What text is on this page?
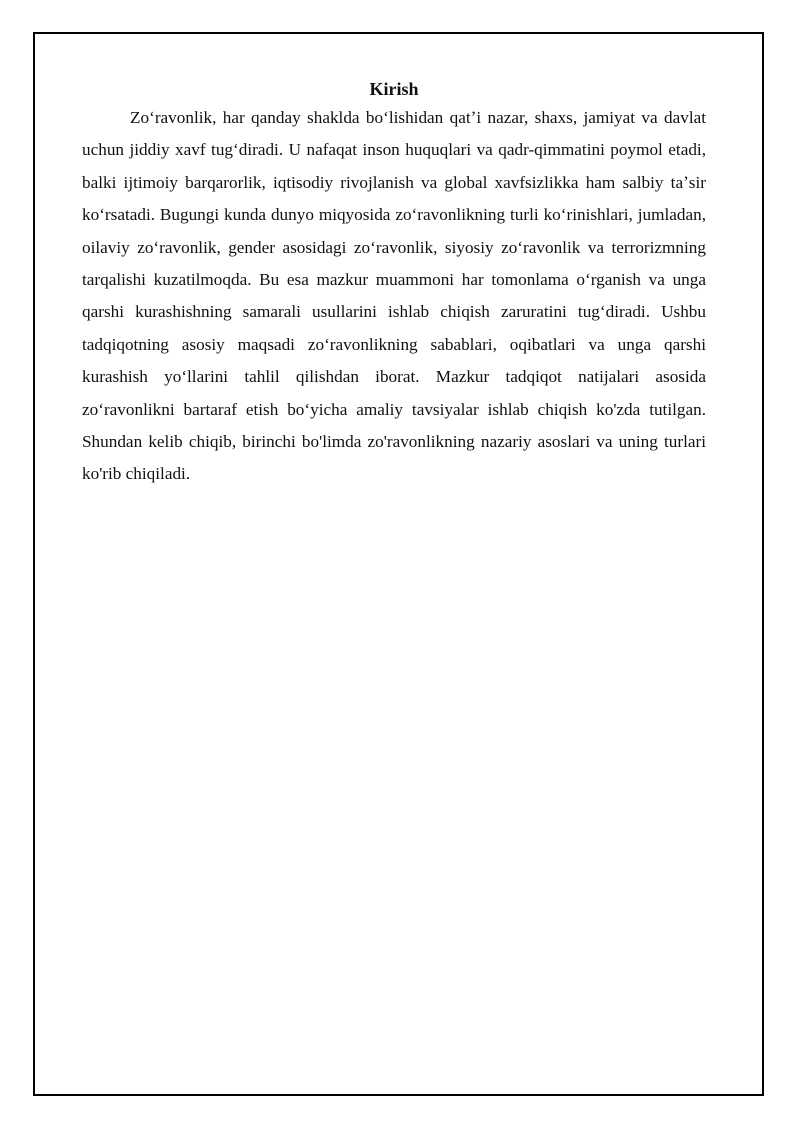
Kirish

Zoʻravonlik, har qanday shaklda boʻlishidan qatʼi nazar, shaxs, jamiyat va davlat uchun jiddiy xavf tugʻdiradi. U nafaqat inson huquqlari va qadr-qimmatini poymol etadi, balki ijtimoiy barqarorlik, iqtisodiy rivojlanish va global xavfsizlikka ham salbiy taʼsir koʻrsatadi. Bugungi kunda dunyo miqyosida zoʻravonlikning turli koʻrinishlari, jumladan, oilaviy zoʻravonlik, gender asosidagi zoʻravonlik, siyosiy zoʻravonlik va terrorizmning tarqalishi kuzatilmoqda. Bu esa mazkur muammoni har tomonlama oʻrganish va unga qarshi kurashishning samarali usullarini ishlab chiqish zaruratini tugʻdiradi. Ushbu tadqiqotning asosiy maqsadi zoʻravonlikning sabablari, oqibatlari va unga qarshi kurashish yoʻllarini tahlil qilishdan iborat. Mazkur tadqiqot natijalari asosida zoʻravonlikni bartaraf etish boʻyicha amaliy tavsiyalar ishlab chiqish ko'zda tutilgan. Shundan kelib chiqib, birinchi bo'limda zo'ravonlikning nazariy asoslari va uning turlari ko'rib chiqiladi.
